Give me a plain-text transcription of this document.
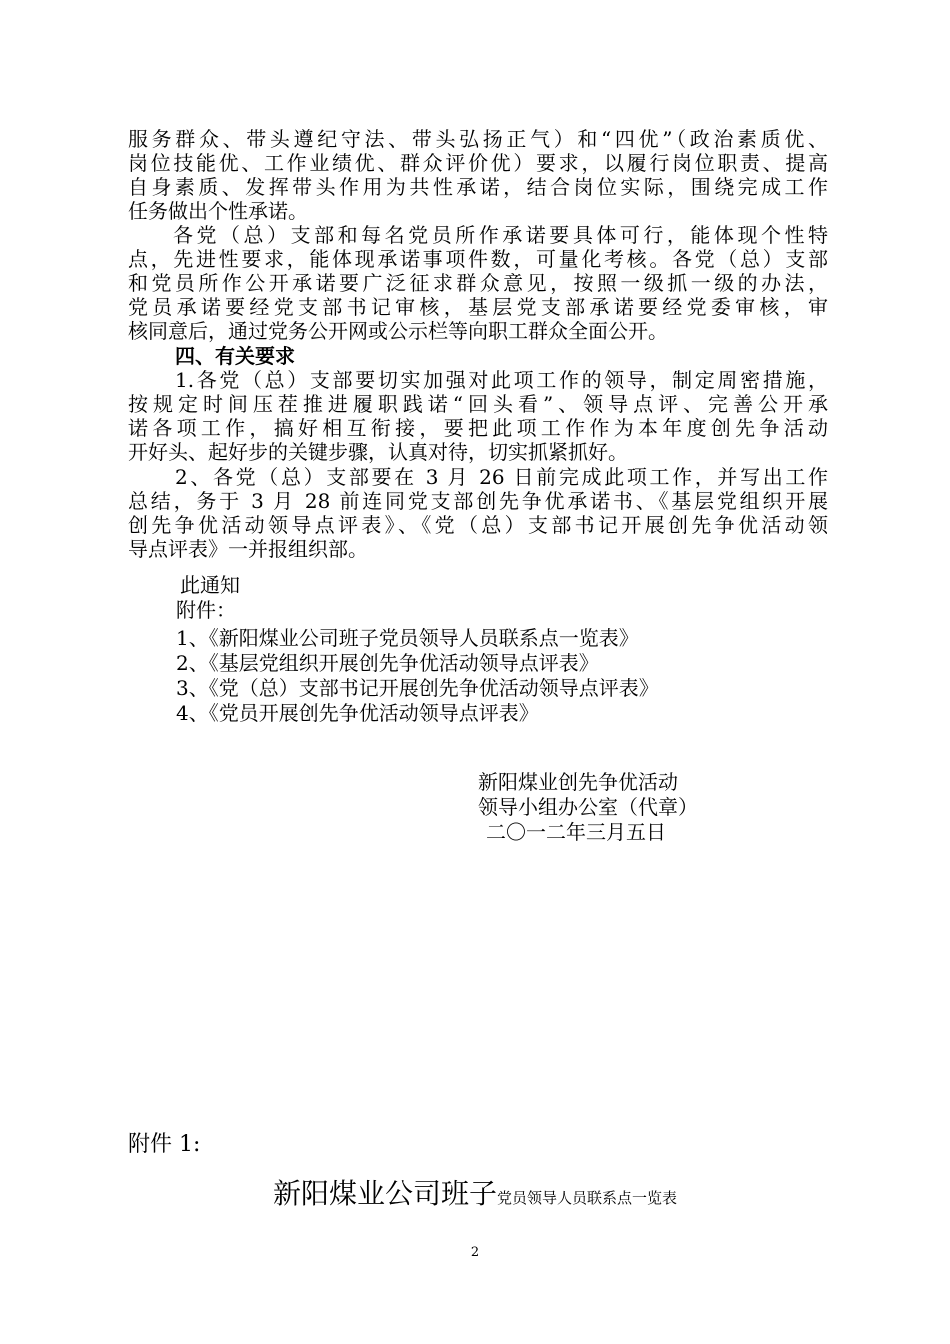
服务群众、带头遵纪守法、带头弘扬正气）和“四优”（政治素质优、
岗位技能优、工作业绩优、群众评价优）要求，以履行岗位职责、提高
自身素质、发挥带头作用为共性承诺，结合岗位实际，围绕完成工作
任务做出个性承诺。
各党（总）支部和每名党员所作承诺要具体可行，能体现个性特
点，先进性要求，能体现承诺事项件数，可量化考核。各党（总）支部
和党员所作公开承诺要广泛征求群众意见，按照一级抓一级的办法，
党员承诺要经党支部书记审核，基层党支部承诺要经党委审核，审
核同意后，通过党务公开网或公示栏等向职工群众全面公开。
四、有关要求
1.各党（总）支部要切实加强对此项工作的领导，制定周密措施，
按规定时间压茬推进履职践诺“回头看”、领导点评、完善公开承
诺各项工作，搞好相互衔接，要把此项工作作为本年度创先争活动
开好头、起好步的关键步骤，认真对待，切实抓紧抓好。
2、各党（总）支部要在 3 月 26 日前完成此项工作，并写出工作
总结，务于 3 月 28 前连同党支部创先争优承诺书、《基层党组织开展
创先争优活动领导点评表》、《党（总）支部书记开展创先争优活动领
导点评表》一并报组织部。
此通知
附件：
1、《新阳煤业公司班子党员领导人员联系点一览表》
2、《基层党组织开展创先争优活动领导点评表》
3、《党（总）支部书记开展创先争优活动领导点评表》
4、《党员开展创先争优活动领导点评表》
新阳煤业创先争优活动
领导小组办公室（代章）
二〇一二年三月五日
附件 1:
新阳煤业公司班子党员领导人员联系点一览表
2
